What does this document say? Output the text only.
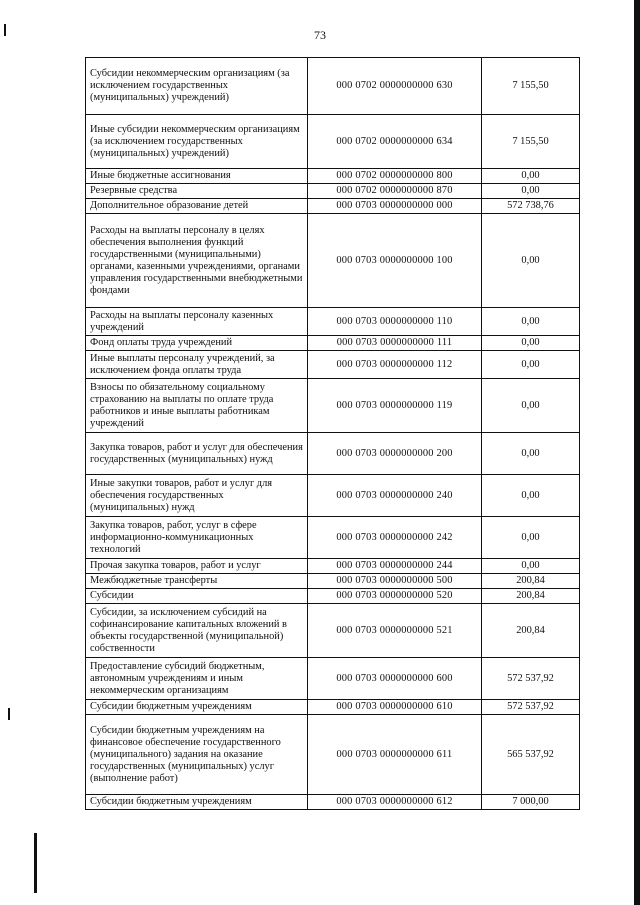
73
Субсидии некоммерческим организациям (за исключением государственных (муниципальных) учреждений)	000 0702 0000000000 630	7 155,50
Иные субсидии некоммерческим организациям (за исключением государственных (муниципальных) учреждений)	000 0702 0000000000 634	7 155,50
Иные бюджетные ассигнования	000 0702 0000000000 800	0,00
Резервные средства	000 0702 0000000000 870	0,00
Дополнительное образование детей	000 0703 0000000000 000	572 738,76
Расходы на выплаты персоналу в целях обеспечения выполнения функций государственными (муниципальными) органами, казенными учреждениями, органами управления государственными внебюджетными фондами	000 0703 0000000000 100	0,00
Расходы на выплаты персоналу казенных учреждений	000 0703 0000000000 110	0,00
Фонд оплаты труда учреждений	000 0703 0000000000 111	0,00
Иные выплаты персоналу учреждений, за исключением фонда оплаты труда	000 0703 0000000000 112	0,00
Взносы по обязательному социальному страхованию на выплаты по оплате труда работников и иные выплаты работникам учреждений	000 0703 0000000000 119	0,00
Закупка товаров, работ и услуг для обеспечения государственных (муниципальных) нужд	000 0703 0000000000 200	0,00
Иные закупки товаров, работ и услуг для обеспечения государственных (муниципальных) нужд	000 0703 0000000000 240	0,00
Закупка товаров, работ, услуг в сфере информационно-коммуникационных технологий	000 0703 0000000000 242	0,00
Прочая закупка товаров, работ и услуг	000 0703 0000000000 244	0,00
Межбюджетные трансферты	000 0703 0000000000 500	200,84
Субсидии	000 0703 0000000000 520	200,84
Субсидии, за исключением субсидий на софинансирование капитальных вложений в объекты государственной (муниципальной) собственности	000 0703 0000000000 521	200,84
Предоставление субсидий бюджетным, автономным учреждениям и иным некоммерческим организациям	000 0703 0000000000 600	572 537,92
Субсидии бюджетным учреждениям	000 0703 0000000000 610	572 537,92
Субсидии бюджетным учреждениям на финансовое обеспечение государственного (муниципального) задания на оказание государственных (муниципальных) услуг (выполнение работ)	000 0703 0000000000 611	565 537,92
Субсидии бюджетным учреждениям	000 0703 0000000000 612	7 000,00
